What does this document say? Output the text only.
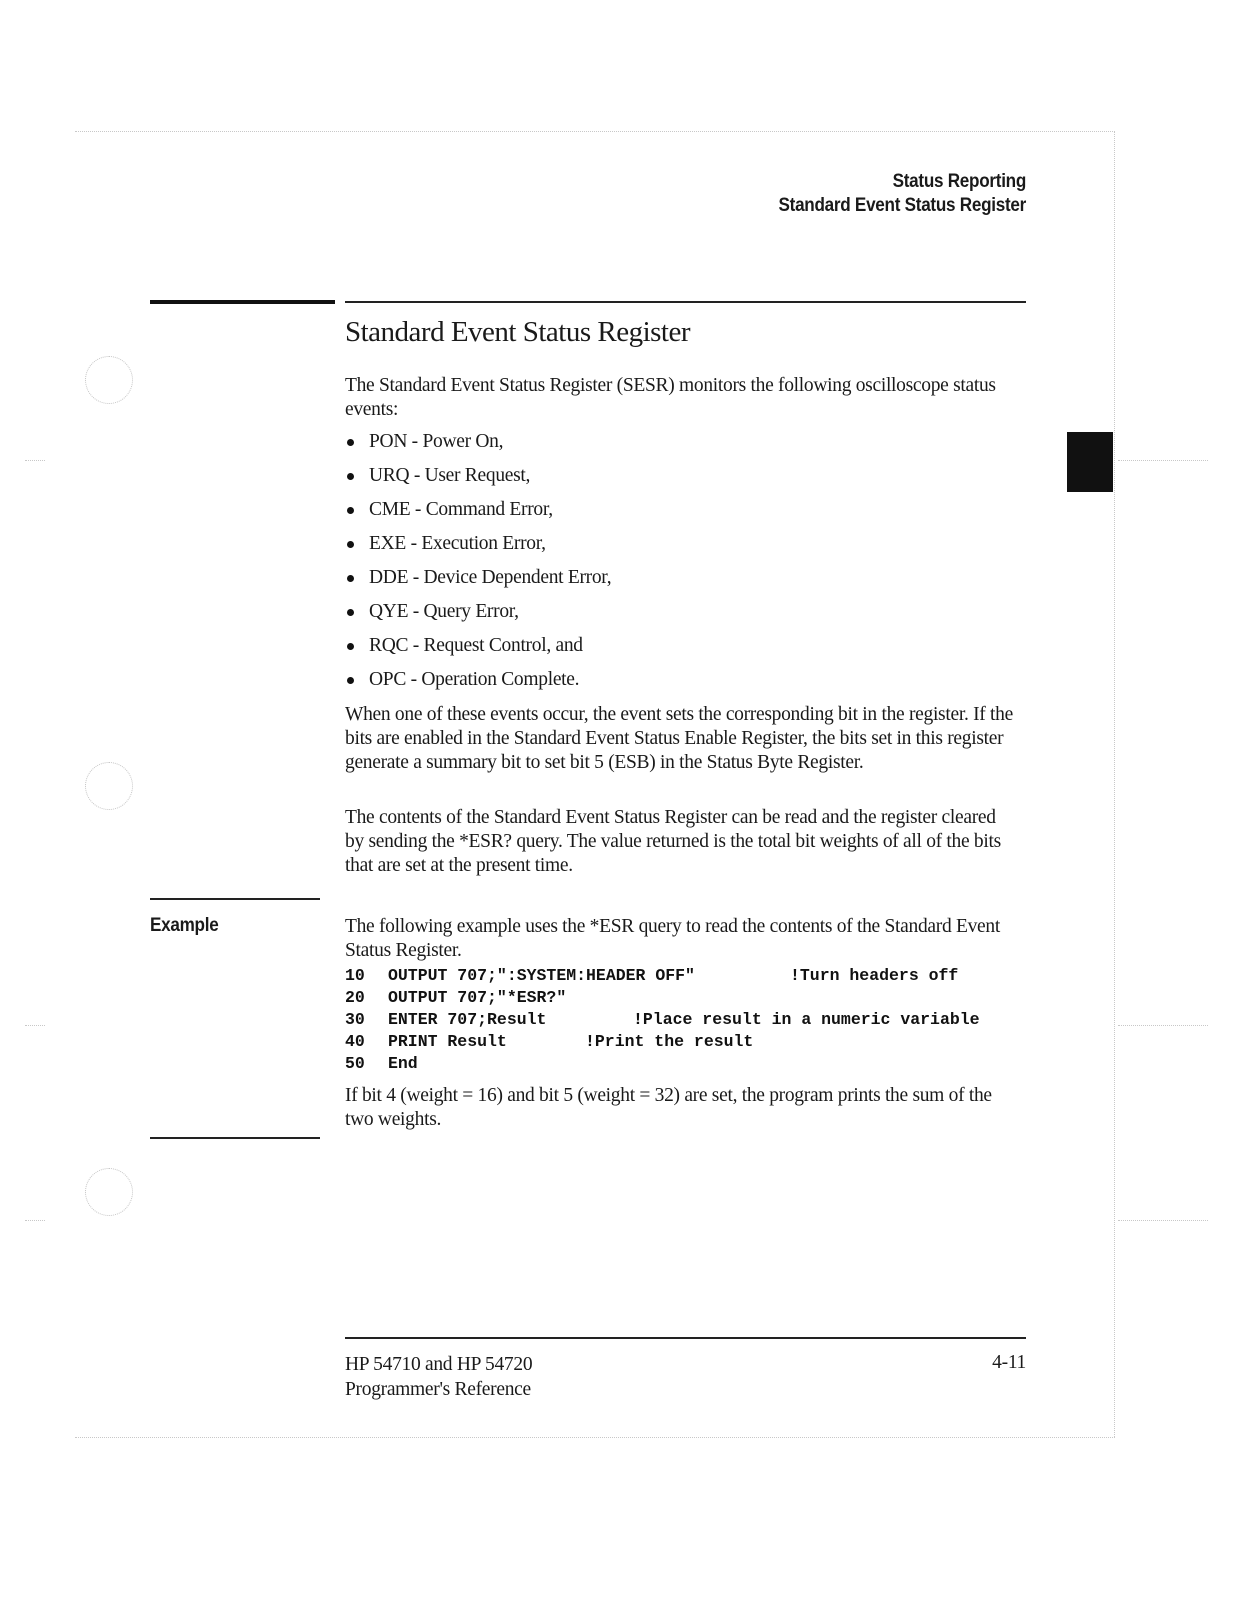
Status Reporting
Standard Event Status Register
Standard Event Status Register

The Standard Event Status Register (SESR) monitors the following oscilloscope status events:

PON - Power On,
URQ - User Request,
CME - Command Error,
EXE - Execution Error,
DDE - Device Dependent Error,
QYE - Query Error,
RQC - Request Control, and
OPC - Operation Complete.

When one of these events occur, the event sets the corresponding bit in the register. If the bits are enabled in the Standard Event Status Enable Register, the bits set in this register generate a summary bit to set bit 5 (ESB) in the Status Byte Register.

The contents of the Standard Event Status Register can be read and the register cleared by sending the *ESR? query. The value returned is the total bit weights of all of the bits that are set at the present time.

Example	The following example uses the *ESR query to read the contents of the Standard Event Status Register.

10 OUTPUT 707;":SYSTEM:HEADER OFF"	!Turn headers off
20 OUTPUT 707;"*ESR?"
30 ENTER 707;Result	!Place result in a numeric variable
40 PRINT Result	!Print the result
50 End

If bit 4 (weight = 16) and bit 5 (weight = 32) are set, the program prints the sum of the two weights.

HP 54710 and HP 54720
Programmer's Reference
4-11
